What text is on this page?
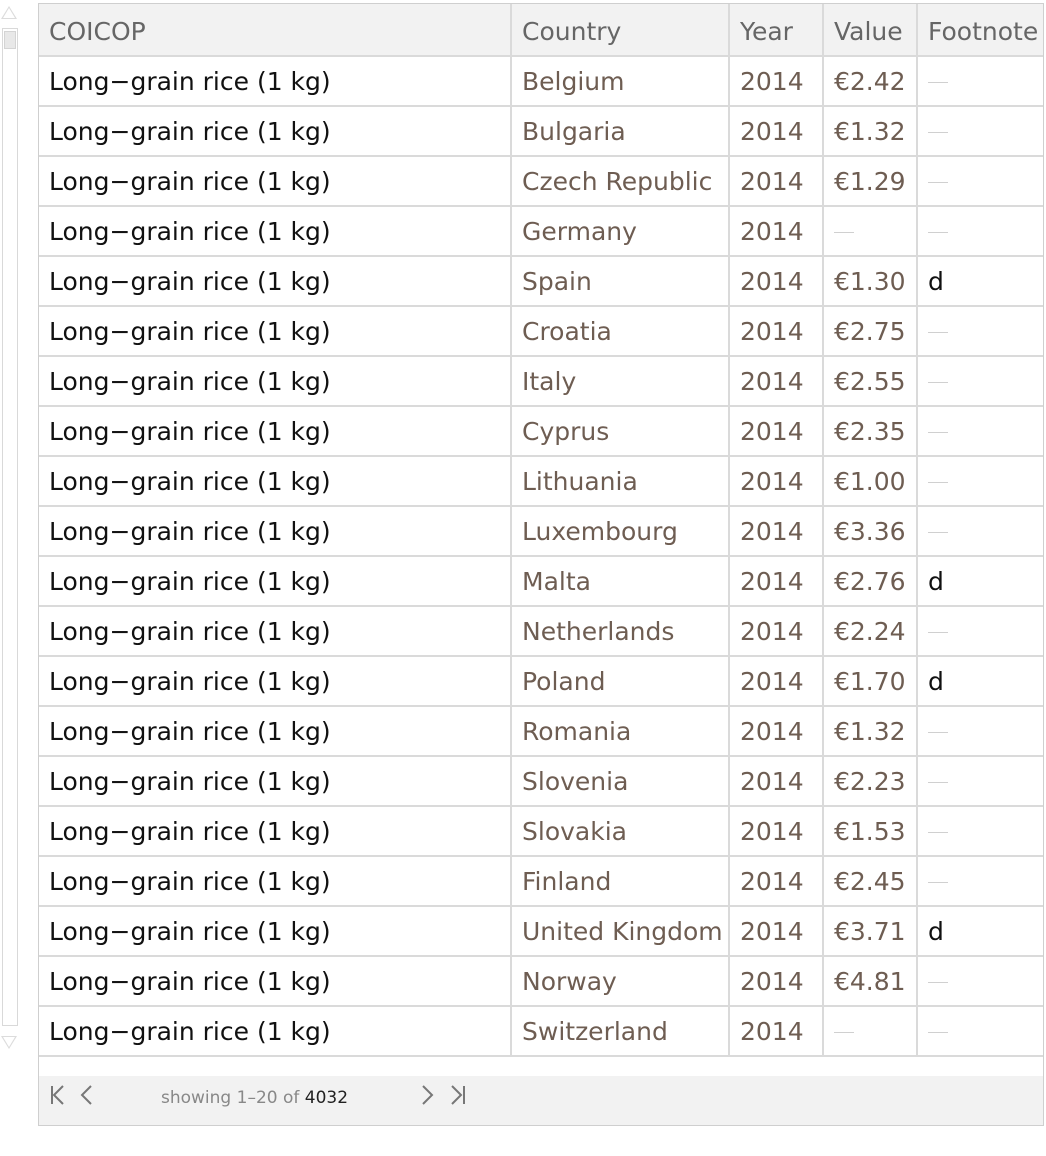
COICOP	Country	Year	Value	Footnote
Long−grain rice (1 kg)	Belgium	2014	€2.42	
Long−grain rice (1 kg)	Bulgaria	2014	€1.32	
Long−grain rice (1 kg)	Czech Republic	2014	€1.29	
Long−grain rice (1 kg)	Germany	2014		
Long−grain rice (1 kg)	Spain	2014	€1.30	d
Long−grain rice (1 kg)	Croatia	2014	€2.75	
Long−grain rice (1 kg)	Italy	2014	€2.55	
Long−grain rice (1 kg)	Cyprus	2014	€2.35	
Long−grain rice (1 kg)	Lithuania	2014	€1.00	
Long−grain rice (1 kg)	Luxembourg	2014	€3.36	
Long−grain rice (1 kg)	Malta	2014	€2.76	d
Long−grain rice (1 kg)	Netherlands	2014	€2.24	
Long−grain rice (1 kg)	Poland	2014	€1.70	d
Long−grain rice (1 kg)	Romania	2014	€1.32	
Long−grain rice (1 kg)	Slovenia	2014	€2.23	
Long−grain rice (1 kg)	Slovakia	2014	€1.53	
Long−grain rice (1 kg)	Finland	2014	€2.45	
Long−grain rice (1 kg)	United Kingdom	2014	€3.71	d
Long−grain rice (1 kg)	Norway	2014	€4.81	
Long−grain rice (1 kg)	Switzerland	2014		
showing 1–20 of 4032
